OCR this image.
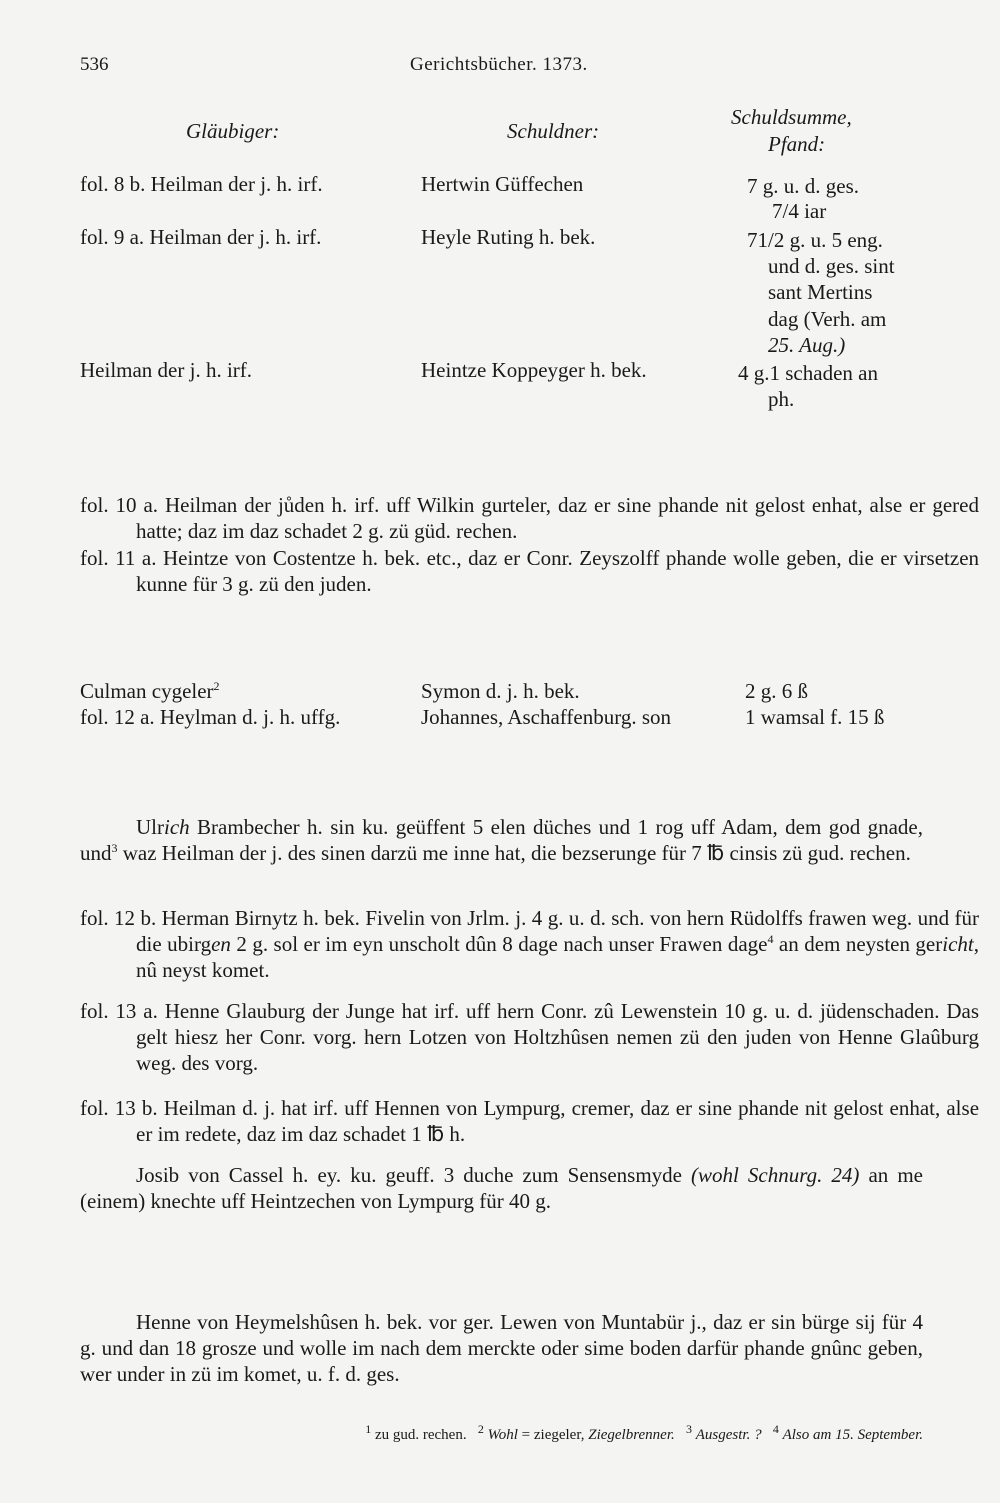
536	Gerichtsbücher. 1373.
Gläubiger:	Schuldner:
Schuldsumme,
Pfand:
fol. 8 b. Heilman der j. h. irf.	Hertwin Güffechen	7 g. u. d. ges.
7/4 iar
fol. 9 a. Heilman der j. h. irf.	Heyle Ruting h. bek.	71/2 g. u. 5 eng.
und d. ges. sint
sant Mertins
dag (Verh. am
25. Aug.)
Heilman der j. h. irf.	Heintze Koppeyger h. bek.	4 g.1 schaden an
ph.
fol. 10 a. Heilman der jůden h. irf. uff Wilkin gurteler, daz er sine phande nit gelost enhat, alse er gered hatte; daz im daz schadet 2 g. zü güd. rechen.
fol. 11 a. Heintze von Costentze h. bek. etc., daz er Conr. Zeyszolff phande wolle geben, die er virsetzen kunne für 3 g. zü den juden.
Culman cygeler$^2$	Symon d. j. h. bek.	2 g. 6 ß
fol. 12 a. Heylman d. j. h. uffg.	Johannes, Aschaffenburg. son	1 wamsal f. 15 ß
Ulrich Brambecher h. sin ku. geüffent 5 elen düches und 1 rog uff Adam, dem god gnade, und$^3$ waz Heilman der j. des sinen darzü me inne hat, die bezserunge für 7 ℔ cinsis zü gud. rechen.
fol. 12 b. Herman Birnytz h. bek. Fivelin von Jrlm. j. 4 g. u. d. sch. von hern Rüdolffs frawen weg. und für die ubirgen 2 g. sol er im eyn unscholt dûn 8 dage nach unser Frawen dage$^4$ an dem neysten gericht, nû neyst komet.
fol. 13 a. Henne Glauburg der Junge hat irf. uff hern Conr. zû Lewenstein 10 g. u. d. jüdenschaden. Das gelt hiesz her Conr. vorg. hern Lotzen von Holtzhûsen nemen zü den juden von Henne Glaûburg weg. des vorg.
fol. 13 b. Heilman d. j. hat irf. uff Hennen von Lympurg, cremer, daz er sine phande nit gelost enhat, alse er im redete, daz im daz schadet 1 ℔ h.
Josib von Cassel h. ey. ku. geuff. 3 duche zum Sensensmyde (wohl Schnurg. 24) an me (einem) knechte uff Heintzechen von Lympurg für 40 g.
Henne von Heymelshûsen h. bek. vor ger. Lewen von Muntabür j., daz er sin bürge sij für 4 g. und dan 18 grosze und wolle im nach dem merckte oder sime boden darfür phande gnûnc geben, wer under in zü im komet, u. f. d. ges.
$^1$ zu gud. rechen. $^2$ Wohl = ziegeler, Ziegelbrenner. $^3$ Ausgestr. ? $^4$ Also am 15. September.
